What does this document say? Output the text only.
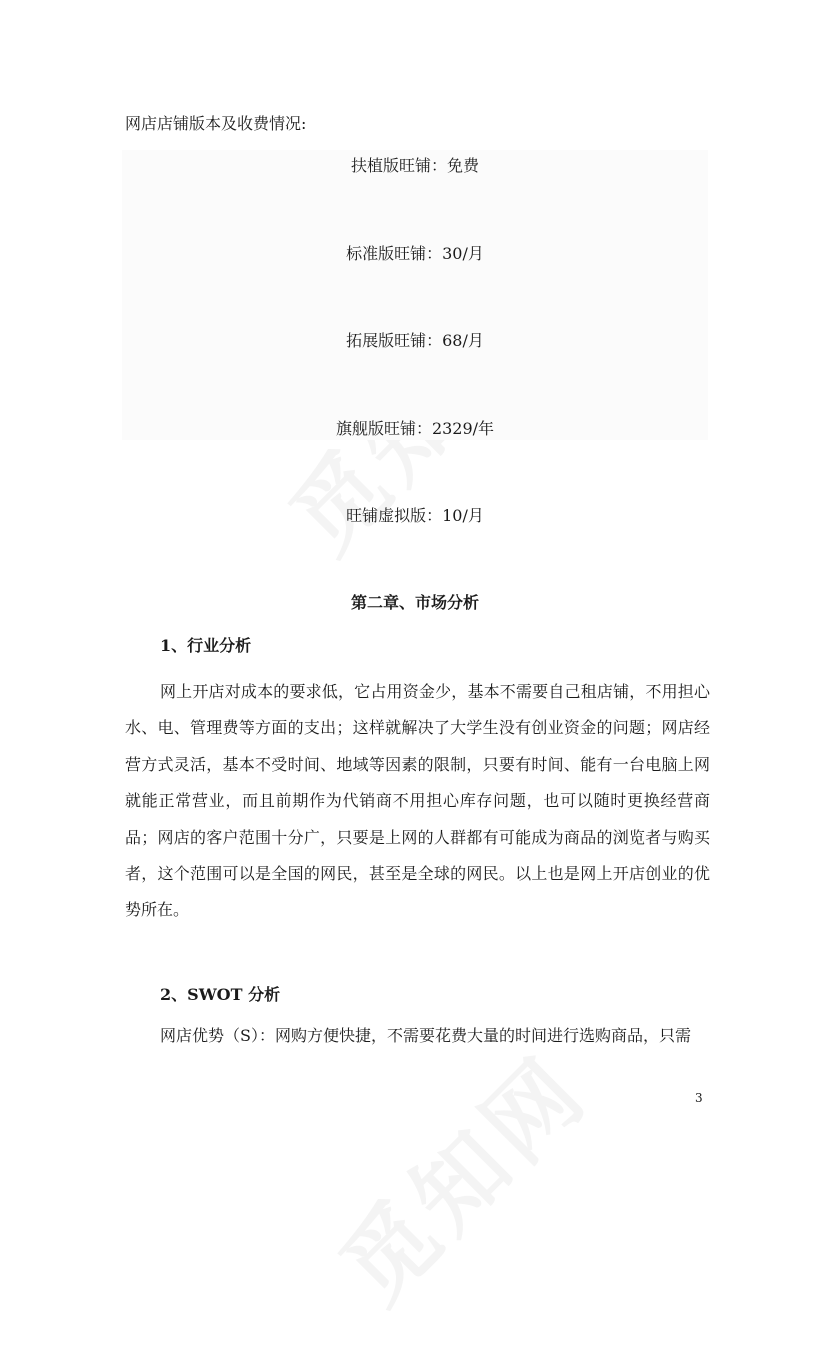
网店店铺版本及收费情况:

扶植版旺铺：免费

标准版旺铺：30/月

拓展版旺铺：68/月

旗舰版旺铺：2329/年

旺铺虚拟版：10/月

第二章、市场分析
1、行业分析

网上开店对成本的要求低，它占用资金少，基本不需要自己租店铺，不用担心水、电、管理费等方面的支出；这样就解决了大学生没有创业资金的问题；网店经营方式灵活，基本不受时间、地域等因素的限制，只要有时间、能有一台电脑上网就能正常营业，而且前期作为代销商不用担心库存问题，也可以随时更换经营商品；网店的客户范围十分广，只要是上网的人群都有可能成为商品的浏览者与购买者，这个范围可以是全国的网民，甚至是全球的网民。以上也是网上开店创业的优势所在。

2、SWOT 分析

网店优势（S）：网购方便快捷，不需要花费大量的时间进行选购商品，只需

3
